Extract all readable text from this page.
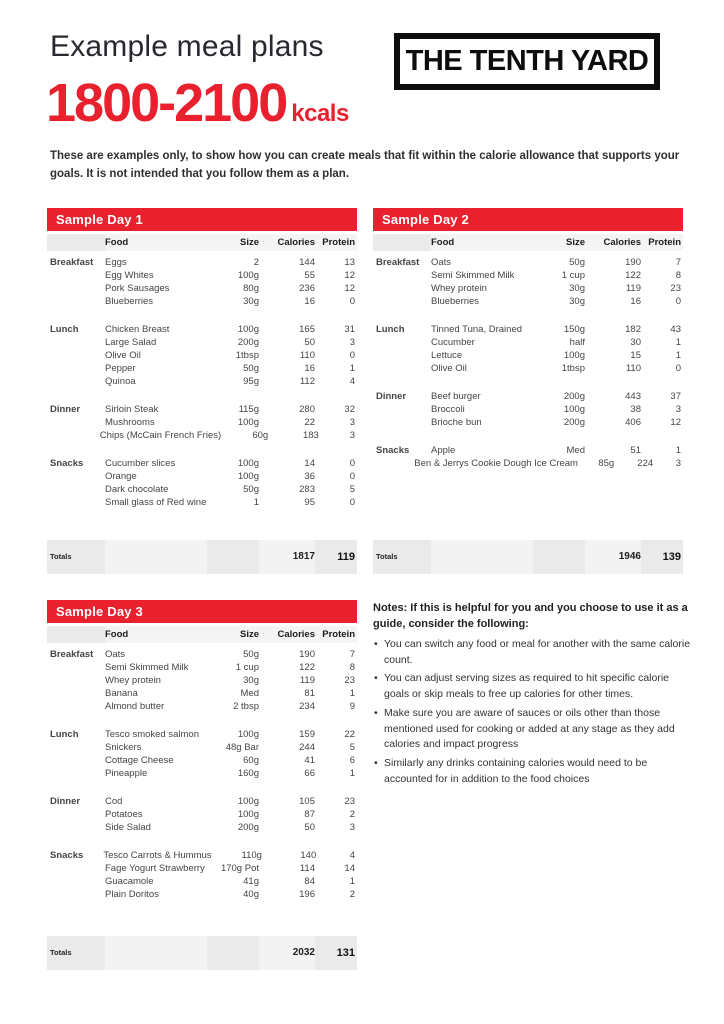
Example meal plans
1800-2100 kcals
THE TENTH YARD

These are examples only, to show how you can create meals that fit within the calorie allowance that supports your goals. It is not intended that you follow them as a plan.

Sample Day 1
Food	Size	Calories Protein
Breakfast	Eggs	2	144	13
Egg Whites	100g	55	12
Pork Sausages	80g	236	12
Blueberries	30g	16	0
Lunch	Chicken Breast	100g	165	31
Large Salad	200g	50	3
Olive Oil	1tbsp	110	0
Pepper	50g	16	1
Quinoa	95g	112	4
Dinner	Sirloin Steak	115g	280	32
Mushrooms	100g	22	3
Chips (McCain French Fries)	60g	183	3
Snacks	Cucumber slices	100g	14	0
Orange	100g	36	0
Dark chocolate	50g	283	5
Small glass of Red wine	1	95	0
Totals	1817	119
Sample Day 2
Food	Size	Calories Protein
Breakfast	Oats	50g	190	7
Semi Skimmed Milk	1 cup	122	8
Whey protein	30g	119	23
Blueberries	30g	16	0
Lunch	Tinned Tuna, Drained	150g	182	43
Cucumber	half	30	1
Lettuce	100g	15	1
Olive Oil	1tbsp	110	0
Dinner	Beef burger	200g	443	37
Broccoli	100g	38	3
Brioche bun	200g	406	12
Snacks	Apple	Med	51	1
Ben & Jerrys Cookie Dough Ice Cream	85g	224	3
Totals	1946	139
Sample Day 3
Food	Size	Calories Protein
Breakfast	Oats	50g	190	7
Semi Skimmed Milk	1 cup	122	8
Whey protein	30g	119	23
Banana	Med	81	1
Almond butter	2 tbsp	234	9
Lunch	Tesco smoked salmon	100g	159	22
Snickers	48g Bar	244	5
Cottage Cheese	60g	41	6
Pineapple	160g	66	1
Dinner	Cod	100g	105	23
Potatoes	100g	87	2
Side Salad	200g	50	3
Snacks	Tesco Carrots & Hummus	110g	140	4
Fage Yogurt Strawberry	170g Pot	114	14
Guacamole	41g	84	1
Plain Doritos	40g	196	2
Totals	2032	131

Notes: If this is helpful for you and you choose to use it as a guide, consider the following:

• You can switch any food or meal for another with the same calorie count.
• You can adjust serving sizes as required to hit specific calorie goals or skip meals to free up calories for other times.
• Make sure you are aware of sauces or oils other than those mentioned used for cooking or added at any stage as they add calories and impact progress
• Similarly any drinks containing calories would need to be accounted for in addition to the food choices
